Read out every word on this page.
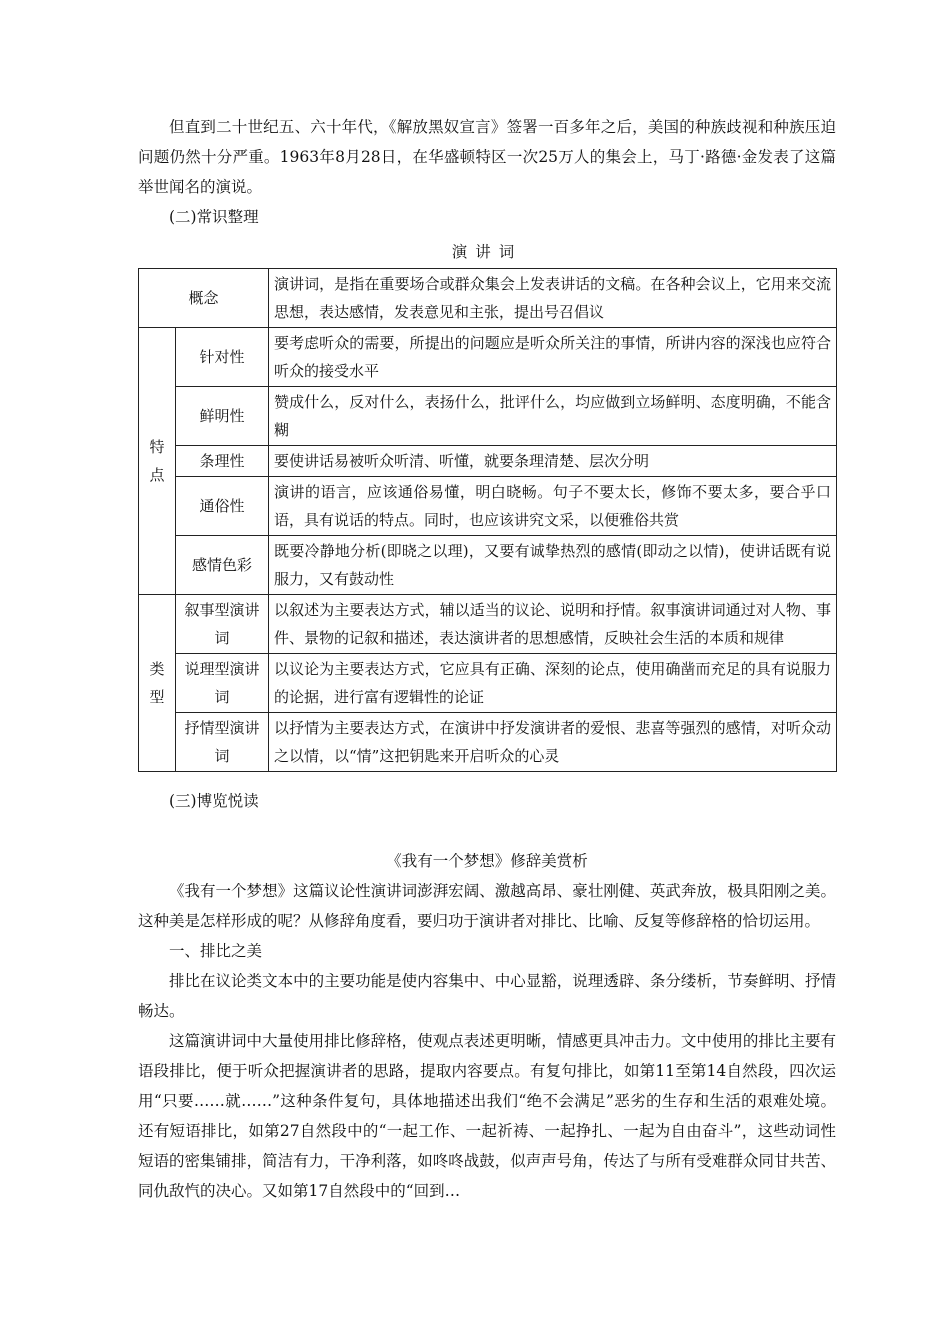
但直到二十世纪五、六十年代，《解放黑奴宣言》签署一百多年之后，美国的种族歧视和种族压迫问题仍然十分严重。1963年8月28日，在华盛顿特区一次25万人的集会上，马丁·路德·金发表了这篇举世闻名的演说。

(二)常识整理

演讲词
概念		演讲词，是指在重要场合或群众集会上发表讲话的文稿。在各种会议上，它用来交流思想，表达感情，发表意见和主张，提出号召倡议
特点	针对性	要考虑听众的需要，所提出的问题应是听众所关注的事情，所讲内容的深浅也应符合听众的接受水平
	鲜明性	赞成什么，反对什么，表扬什么，批评什么，均应做到立场鲜明、态度明确，不能含糊
	条理性	要使讲话易被听众听清、听懂，就要条理清楚、层次分明
	通俗性	演讲的语言，应该通俗易懂，明白晓畅。句子不要太长，修饰不要太多，要合乎口语，具有说话的特点。同时，也应该讲究文采，以便雅俗共赏
	感情色彩	既要冷静地分析(即晓之以理)，又要有诚挚热烈的感情(即动之以情)，使讲话既有说服力，又有鼓动性
类型	叙事型演讲词	以叙述为主要表达方式，辅以适当的议论、说明和抒情。叙事演讲词通过对人物、事件、景物的记叙和描述，表达演讲者的思想感情，反映社会生活的本质和规律
	说理型演讲词	以议论为主要表达方式，它应具有正确、深刻的论点，使用确凿而充足的具有说服力的论据，进行富有逻辑性的论证
	抒情型演讲词	以抒情为主要表达方式，在演讲中抒发演讲者的爱恨、悲喜等强烈的感情，对听众动之以情，以“情”这把钥匙来开启听众的心灵

(三)博览悦读

《我有一个梦想》修辞美赏析

《我有一个梦想》这篇议论性演讲词澎湃宏阔、激越高昂、豪壮刚健、英武奔放，极具阳刚之美。这种美是怎样形成的呢？从修辞角度看，要归功于演讲者对排比、比喻、反复等修辞格的恰切运用。

一、排比之美

排比在议论类文本中的主要功能是使内容集中、中心显豁，说理透辟、条分缕析，节奏鲜明、抒情畅达。

这篇演讲词中大量使用排比修辞格，使观点表述更明晰，情感更具冲击力。文中使用的排比主要有语段排比，便于听众把握演讲者的思路，提取内容要点。有复句排比，如第11至第14自然段，四次运用“只要……就……”这种条件复句，具体地描述出我们“绝不会满足”恶劣的生存和生活的艰难处境。还有短语排比，如第27自然段中的“一起工作、一起祈祷、一起挣扎、一起为自由奋斗”，这些动词性短语的密集铺排，简洁有力，干净利落，如咚咚战鼓，似声声号角，传达了与所有受难群众同甘共苦、同仇敌忾的决心。又如第17自然段中的“回到…
